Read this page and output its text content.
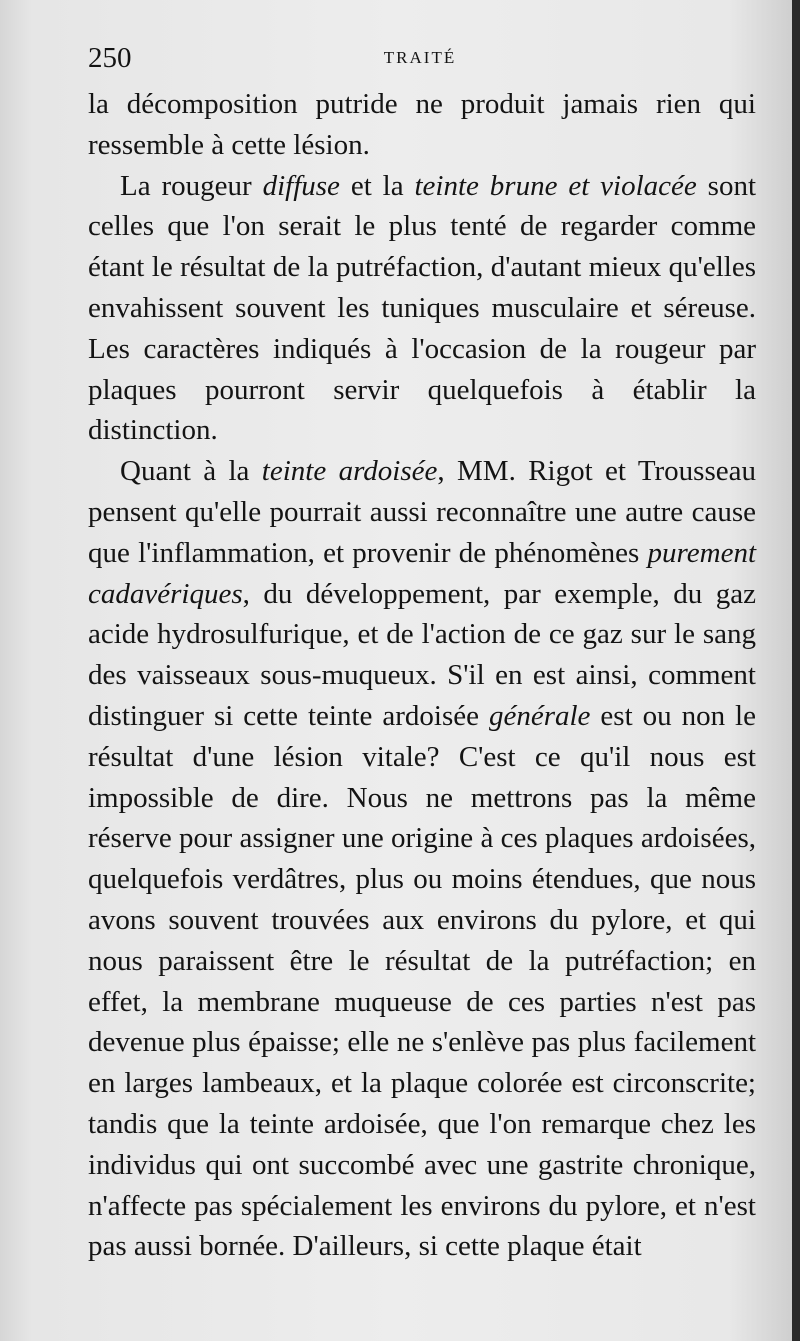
250	TRAITÉ

la décomposition putride ne produit jamais rien qui ressemble à cette lésion.

La rougeur diffuse et la teinte brune et violacée sont celles que l'on serait le plus tenté de regarder comme étant le résultat de la putréfaction, d'autant mieux qu'elles envahissent souvent les tuniques musculaire et séreuse. Les caractères indiqués à l'occasion de la rougeur par plaques pourront servir quelquefois à établir la distinction.

Quant à la teinte ardoisée, MM. Rigot et Trousseau pensent qu'elle pourrait aussi reconnaître une autre cause que l'inflammation, et provenir de phénomènes purement cadavériques, du développement, par exemple, du gaz acide hydrosulfurique, et de l'action de ce gaz sur le sang des vaisseaux sous-muqueux. S'il en est ainsi, comment distinguer si cette teinte ardoisée générale est ou non le résultat d'une lésion vitale? C'est ce qu'il nous est impossible de dire. Nous ne mettrons pas la même réserve pour assigner une origine à ces plaques ardoisées, quelquefois verdâtres, plus ou moins étendues, que nous avons souvent trouvées aux environs du pylore, et qui nous paraissent être le résultat de la putréfaction; en effet, la membrane muqueuse de ces parties n'est pas devenue plus épaisse; elle ne s'enlève pas plus facilement en larges lambeaux, et la plaque colorée est circonscrite; tandis que la teinte ardoisée, que l'on remarque chez les individus qui ont succombé avec une gastrite chronique, n'affecte pas spécialement les environs du pylore, et n'est pas aussi bornée. D'ailleurs, si cette plaque était
